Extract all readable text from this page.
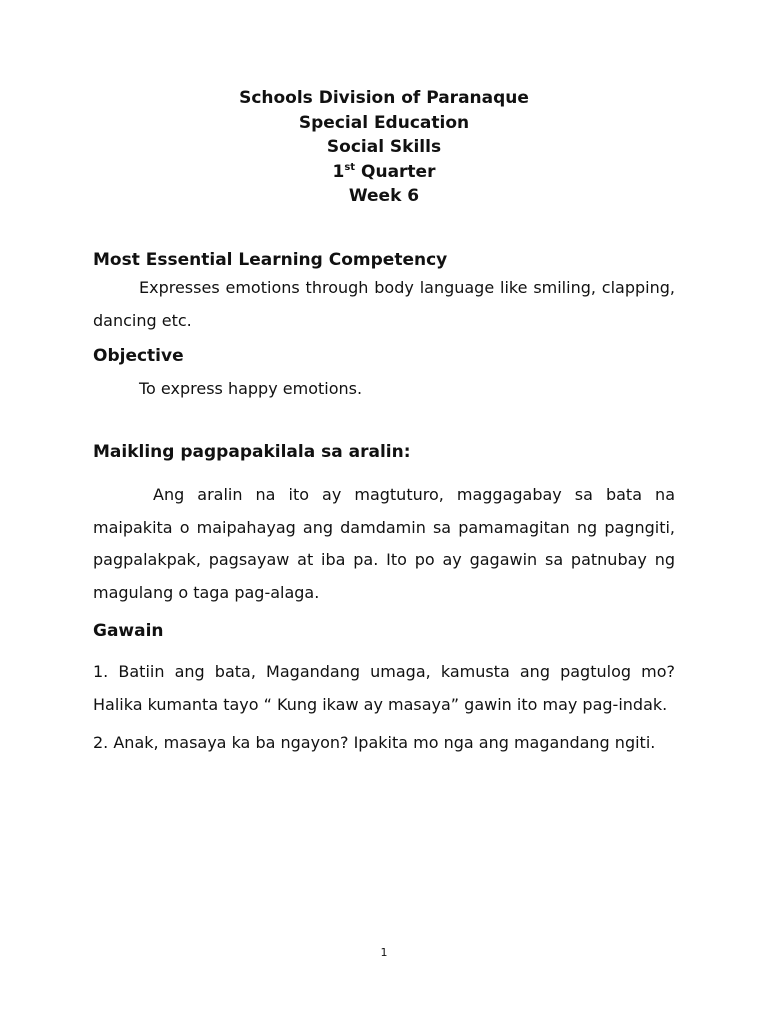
Schools Division of Paranaque
Special Education
Social Skills
1st Quarter
Week 6
Most Essential Learning Competency
Expresses emotions through body language like smiling, clapping, dancing etc.
Objective
To express happy emotions.
Maikling pagpapakilala sa aralin:
Ang aralin na ito ay magtuturo, maggagabay sa bata na maipakita o maipahayag ang damdamin sa pamamagitan ng pagngiti, pagpalakpak, pagsayaw at iba pa. Ito po ay gagawin sa patnubay ng magulang o taga pag-alaga.
Gawain
1. Batiin ang bata, Magandang umaga, kamusta ang pagtulog mo? Halika kumanta tayo “ Kung ikaw ay masaya” gawin ito may pag-indak.
2. Anak, masaya ka ba ngayon? Ipakita mo nga ang magandang ngiti.
1
